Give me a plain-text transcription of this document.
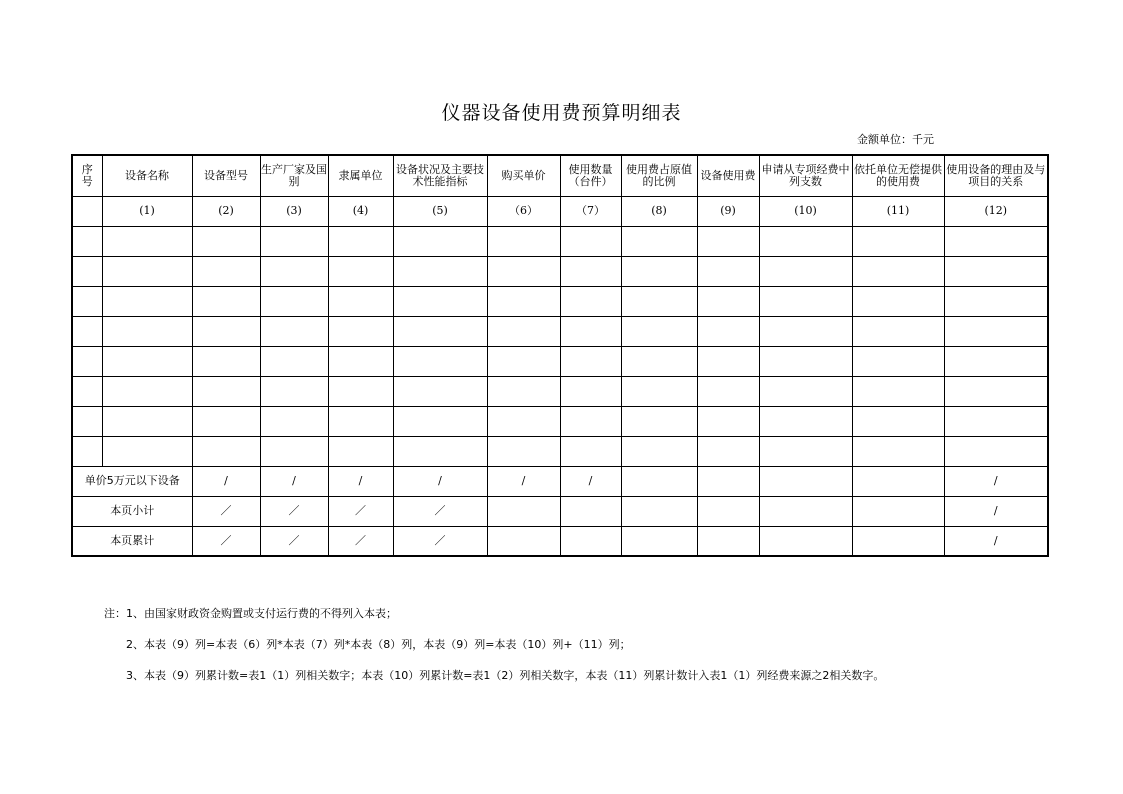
仪器设备使用费预算明细表
金额单位：千元
序号	设备名称	设备型号	生产厂家及国别	隶属单位	设备状况及主要技术性能指标	购买单价	使用数量（台件）	使用费占原值的比例	设备使用费	申请从专项经费中列支数	依托单位无偿提供的使用费	使用设备的理由及与项目的关系
	(1)	(2)	(3)	(4)	(5)	（6）	（7）	(8)	(9)	(10)	(11)	(12)

单价5万元以下设备		/	/	/	/	/	/					/
本页小计		／	／	／	／							/
本页累计		／	／	／	／							/
注：1、由国家财政资金购置或支付运行费的不得列入本表；
2、本表（9）列=本表（6）列*本表（7）列*本表（8）列，本表（9）列=本表（10）列+（11）列；
3、本表（9）列累计数=表1（1）列相关数字；本表（10）列累计数=表1（2）列相关数字，本表（11）列累计数计入表1（1）列经费来源之2相关数字。
